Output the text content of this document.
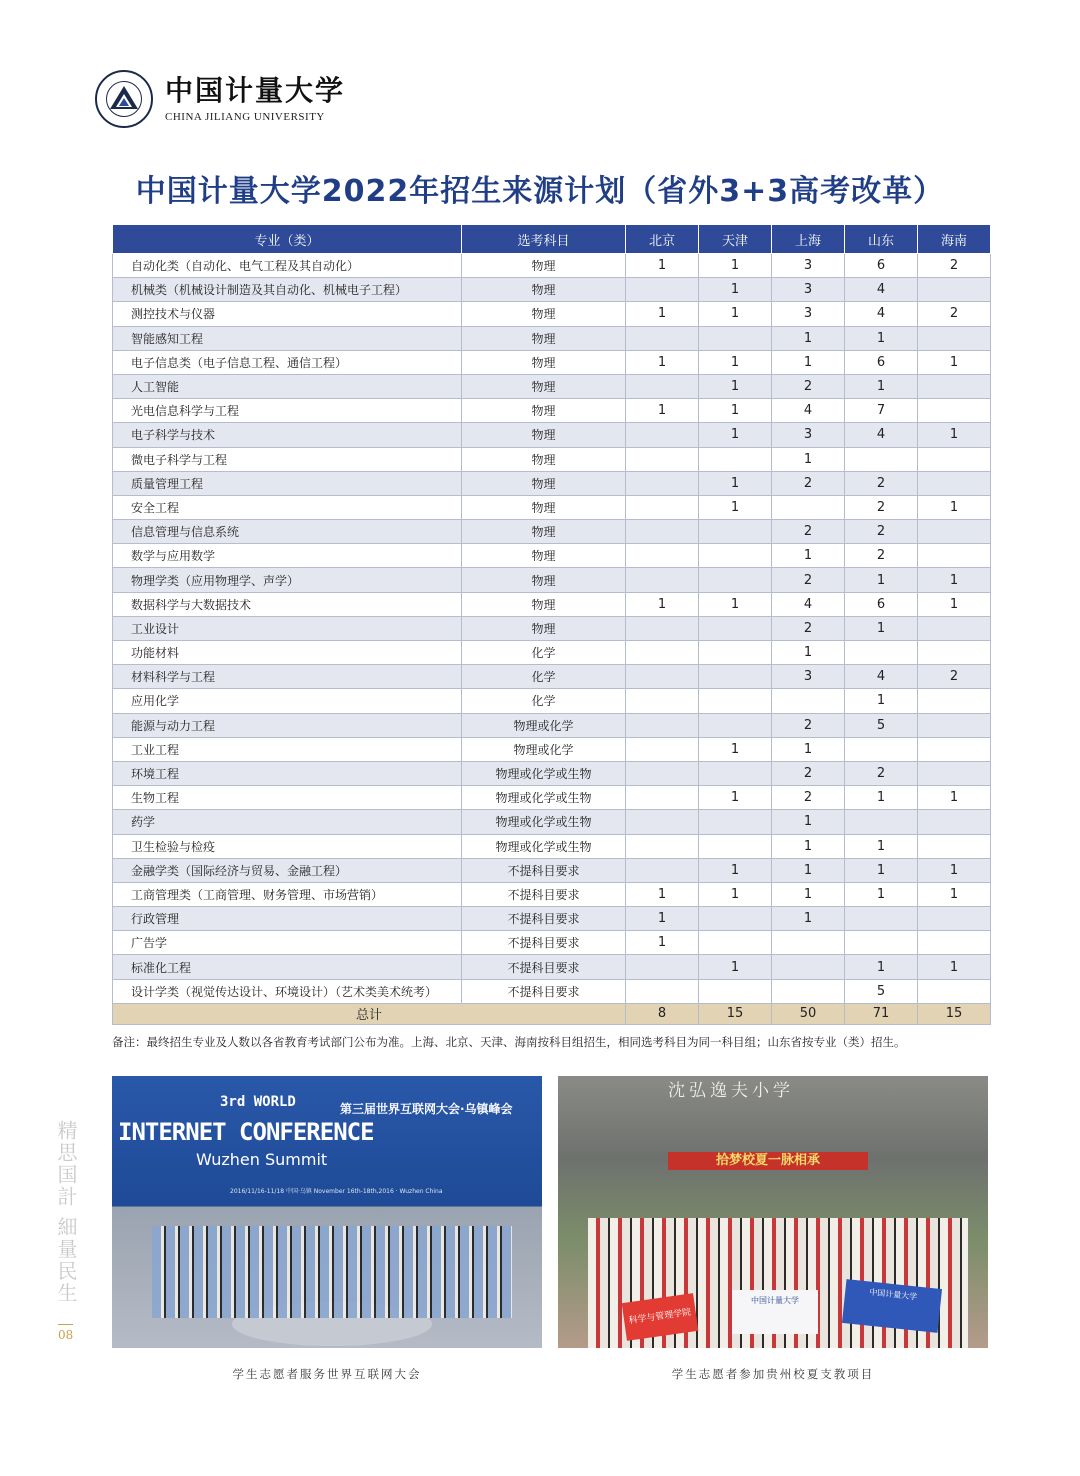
中国计量大学
CHINA JILIANG UNIVERSITY
中国计量大学2022年招生来源计划（省外3+3高考改革）
专业（类）	选考科目	北京	天津	上海	山东	海南
自动化类（自动化、电气工程及其自动化）	物理	1	1	3	6	2
机械类（机械设计制造及其自动化、机械电子工程）	物理		1	3	4	
测控技术与仪器	物理	1	1	3	4	2
智能感知工程	物理			1	1	
电子信息类（电子信息工程、通信工程）	物理	1	1	1	6	1
人工智能	物理		1	2	1	
光电信息科学与工程	物理	1	1	4	7	
电子科学与技术	物理		1	3	4	1
微电子科学与工程	物理			1		
质量管理工程	物理		1	2	2	
安全工程	物理		1		2	1
信息管理与信息系统	物理			2	2	
数学与应用数学	物理			1	2	
物理学类（应用物理学、声学）	物理			2	1	1
数据科学与大数据技术	物理	1	1	4	6	1
工业设计	物理			2	1	
功能材料	化学			1		
材料科学与工程	化学			3	4	2
应用化学	化学				1	
能源与动力工程	物理或化学			2	5	
工业工程	物理或化学		1	1		
环境工程	物理或化学或生物			2	2	
生物工程	物理或化学或生物		1	2	1	1
药学	物理或化学或生物			1		
卫生检验与检疫	物理或化学或生物			1	1	
金融学类（国际经济与贸易、金融工程）	不提科目要求		1	1	1	1
工商管理类（工商管理、财务管理、市场营销）	不提科目要求	1	1	1	1	1
行政管理	不提科目要求	1		1		
广告学	不提科目要求	1				
标准化工程	不提科目要求		1		1	1
设计学类（视觉传达设计、环境设计）（艺术类美术统考）	不提科目要求				5	
总计		8	15	50	71	15
备注：最终招生专业及人数以各省教育考试部门公布为准。上海、北京、天津、海南按科目组招生，相同选考科目为同一科目组；山东省按专业（类）招生。
3rd WORLD
INTERNET CONFERENCE
Wuzhen Summit
第三届世界互联网大会·乌镇峰会
2016/11/16-11/18 中国·乌镇 November 16th-18th,2016 · Wuzhen China
学生志愿者服务世界互联网大会
沈弘逸夫小学
拾梦校夏一脉相承
科学与管理学院
中国计量大学	中国计量大学
学生志愿者参加贵州校夏支教项目
精思国計 細量民生
08
